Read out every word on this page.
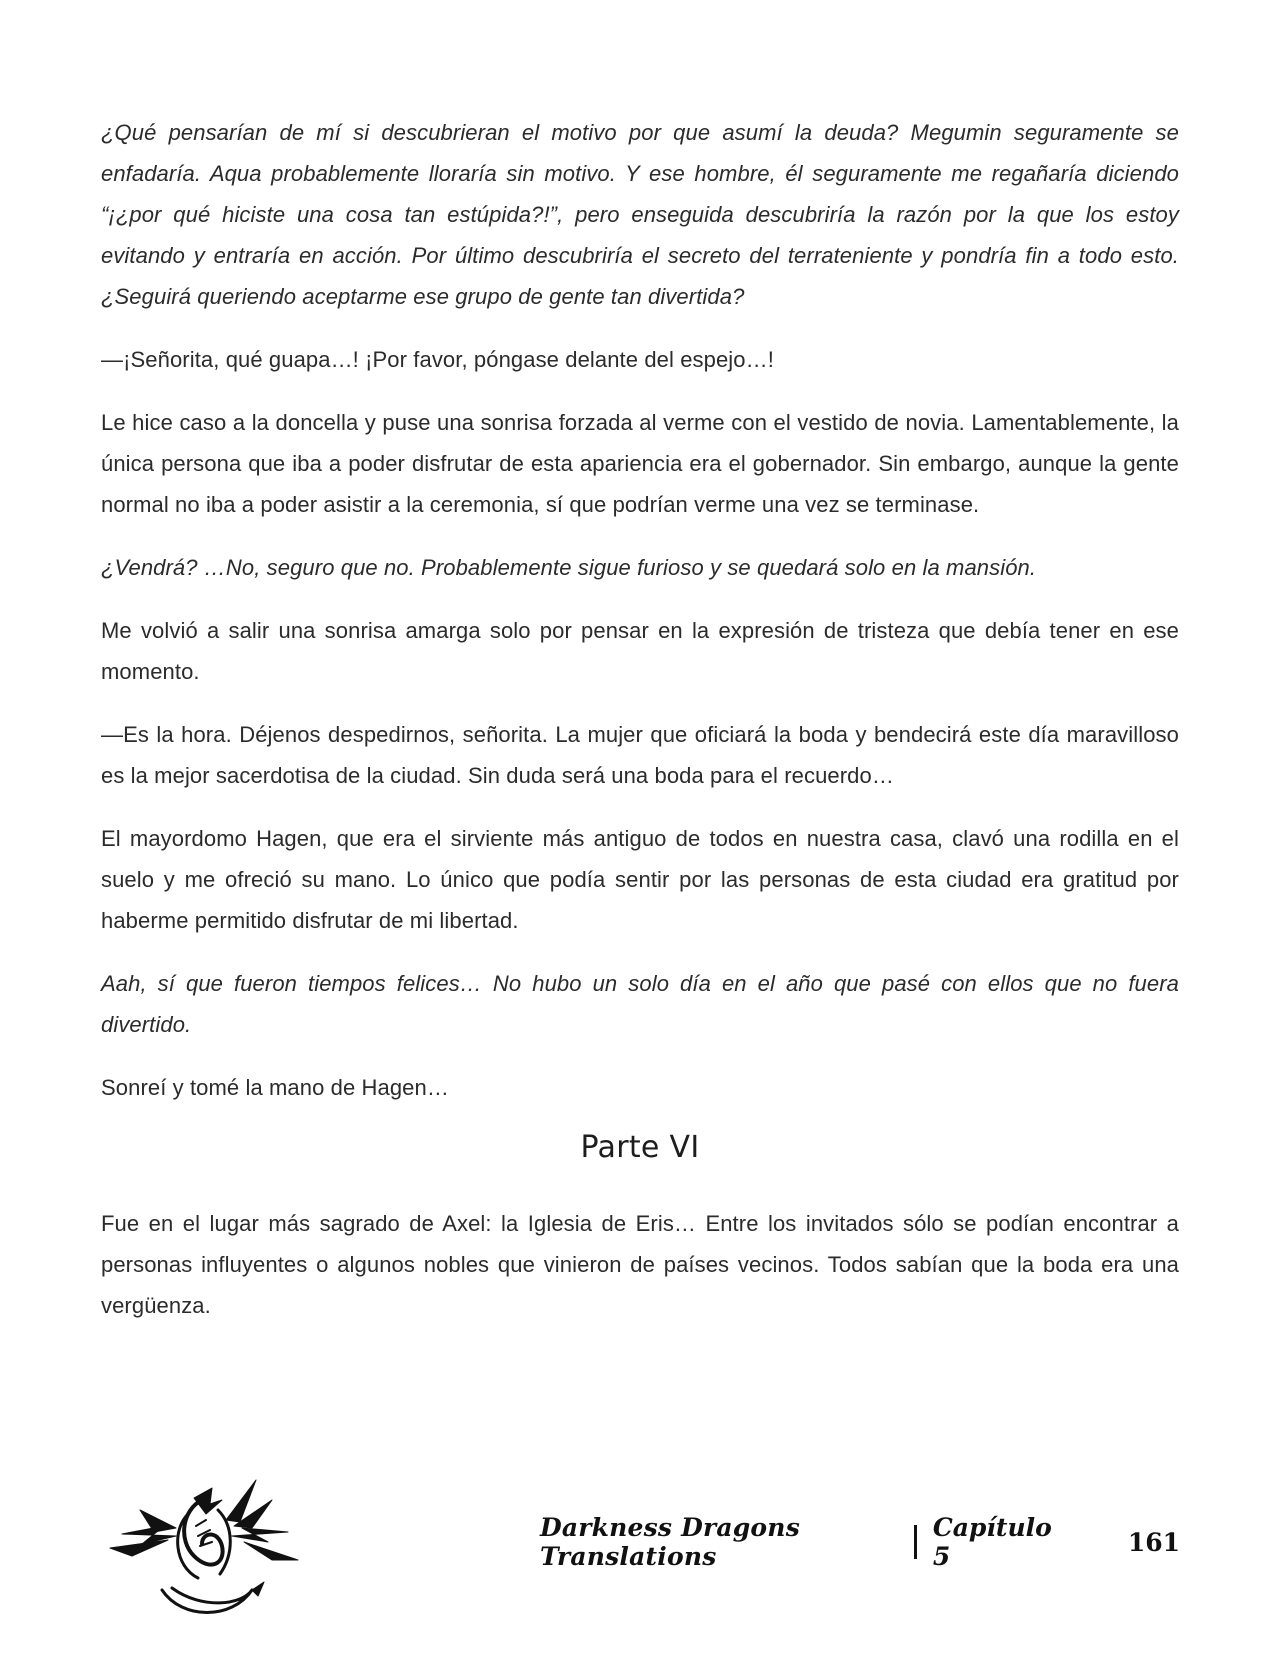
¿Qué pensarían de mí si descubrieran el motivo por que asumí la deuda? Megumin seguramente se enfadaría. Aqua probablemente lloraría sin motivo. Y ese hombre, él seguramente me regañaría diciendo “¡¿por qué hiciste una cosa tan estúpida?!”, pero enseguida descubriría la razón por la que los estoy evitando y entraría en acción. Por último descubriría el secreto del terrateniente y pondría fin a todo esto. ¿Seguirá queriendo aceptarme ese grupo de gente tan divertida?

—¡Señorita, qué guapa…! ¡Por favor, póngase delante del espejo…!

Le hice caso a la doncella y puse una sonrisa forzada al verme con el vestido de novia. Lamentablemente, la única persona que iba a poder disfrutar de esta apariencia era el gobernador. Sin embargo, aunque la gente normal no iba a poder asistir a la ceremonia, sí que podrían verme una vez se terminase.

¿Vendrá? …No, seguro que no. Probablemente sigue furioso y se quedará solo en la mansión.

Me volvió a salir una sonrisa amarga solo por pensar en la expresión de tristeza que debía tener en ese momento.

—Es la hora. Déjenos despedirnos, señorita. La mujer que oficiará la boda y bendecirá este día maravilloso es la mejor sacerdotisa de la ciudad. Sin duda será una boda para el recuerdo…

El mayordomo Hagen, que era el sirviente más antiguo de todos en nuestra casa, clavó una rodilla en el suelo y me ofreció su mano. Lo único que podía sentir por las personas de esta ciudad era gratitud por haberme permitido disfrutar de mi libertad.

Aah, sí que fueron tiempos felices… No hubo un solo día en el año que pasé con ellos que no fuera divertido.

Sonreí y tomé la mano de Hagen…

Parte VI

Fue en el lugar más sagrado de Axel: la Iglesia de Eris… Entre los invitados sólo se podían encontrar a personas influyentes o algunos nobles que vinieron de países vecinos. Todos sabían que la boda era una vergüenza.

Darkness Dragons Translations
Capítulo 5	161
